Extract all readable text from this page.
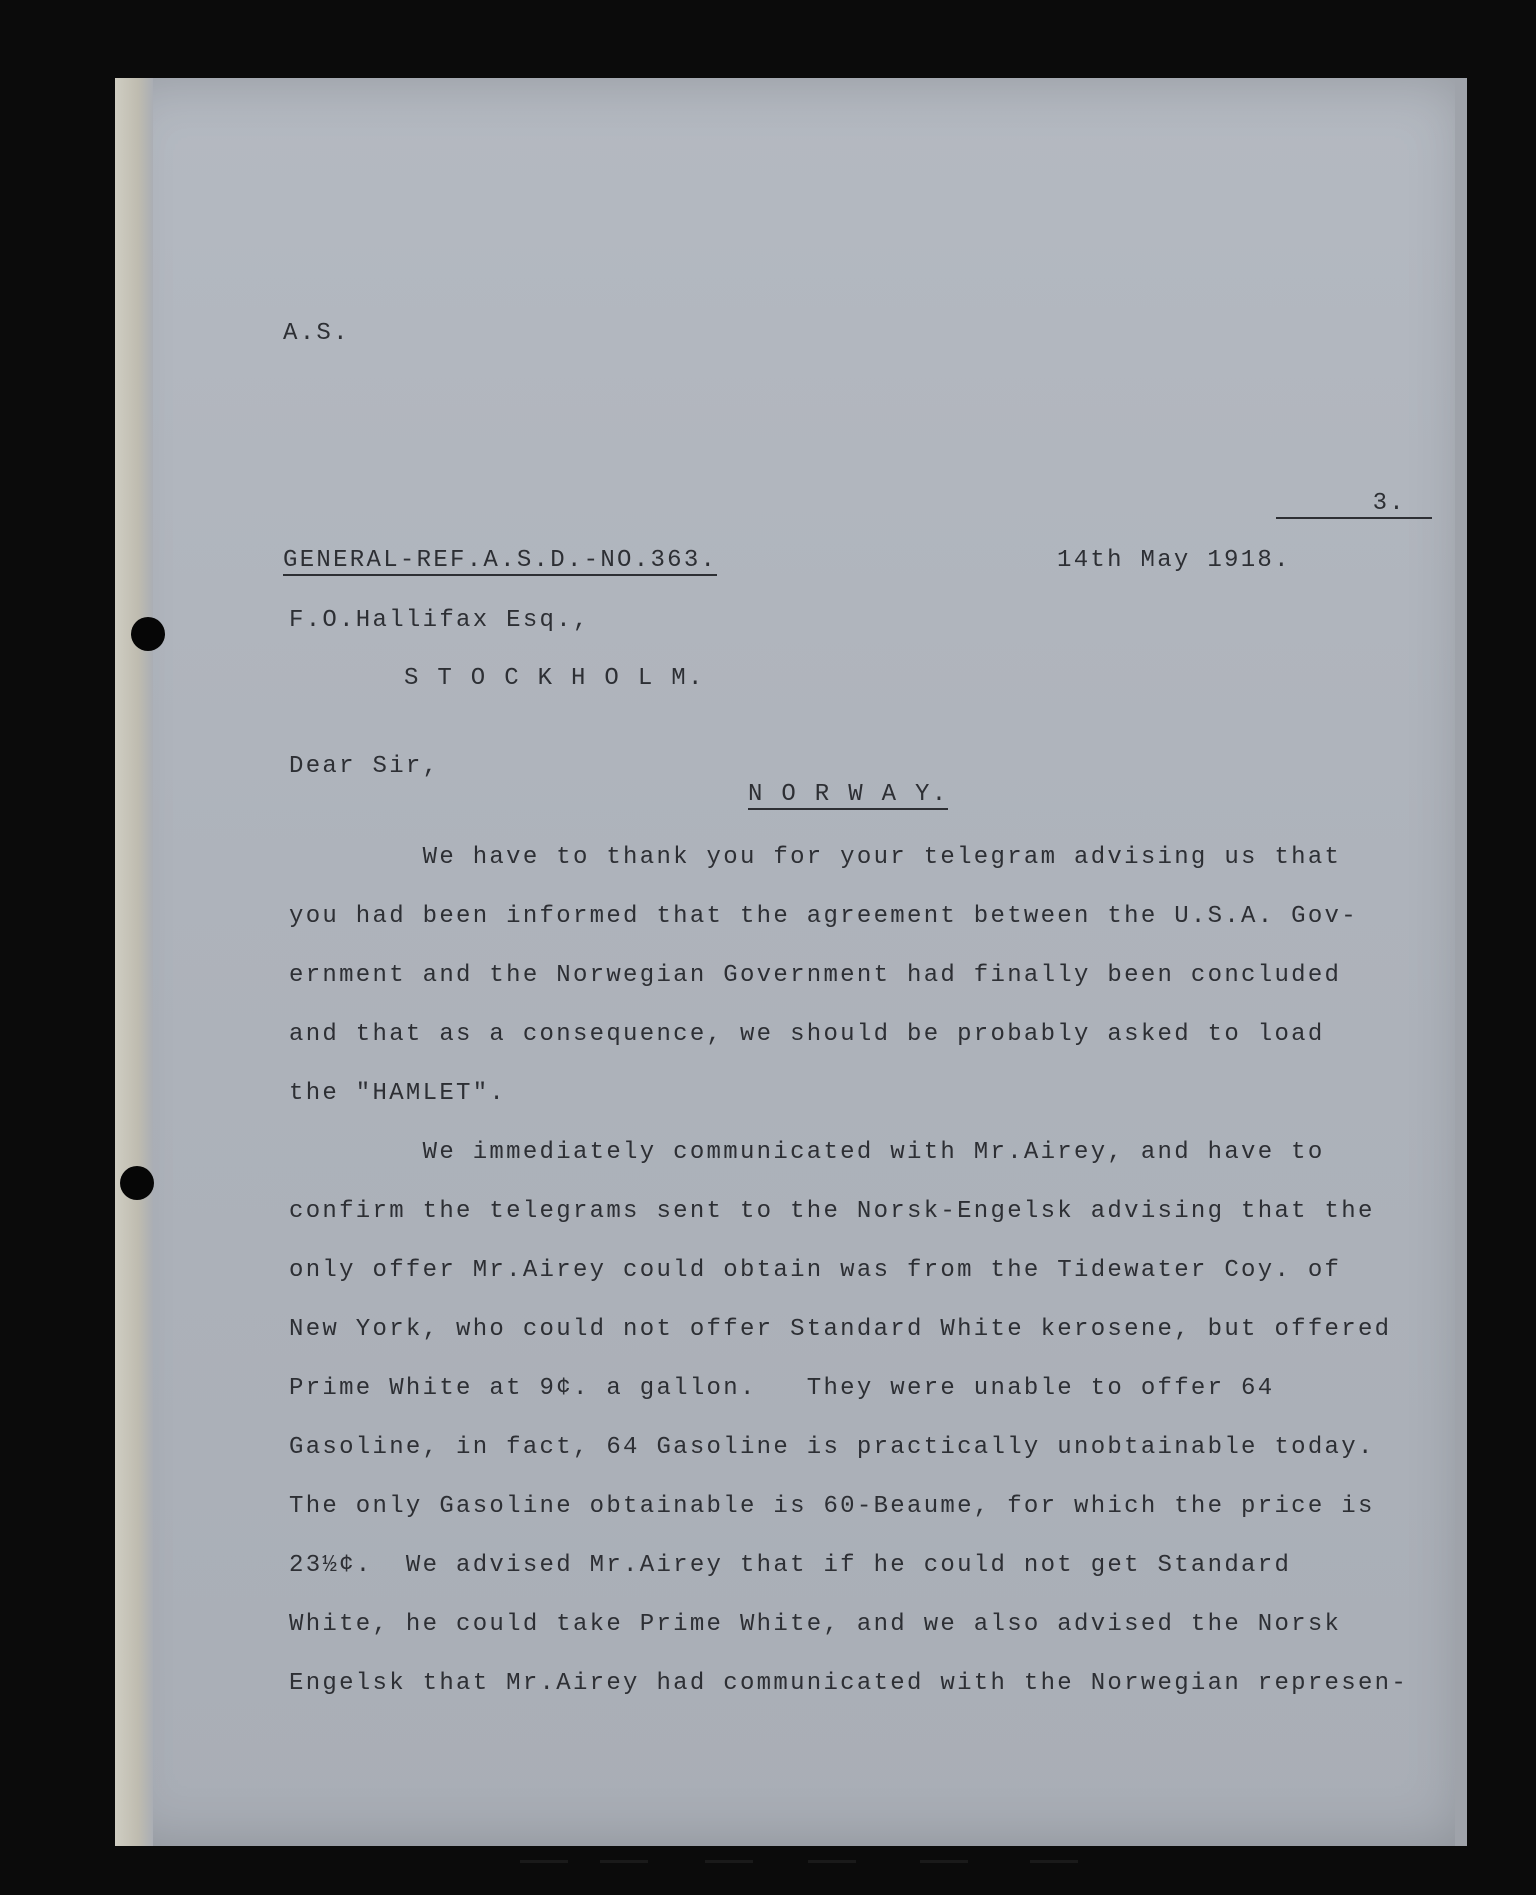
A.S.
3.
GENERAL-REF.A.S.D.-NO.363.	14th May 1918.
F.O.Hallifax Esq.,
S T O C K H O L M.
Dear Sir,
N O R W A Y.
We have to thank you for your telegram advising us that
you had been informed that the agreement between the U.S.A. Gov-
ernment and the Norwegian Government had finally been concluded
and that as a consequence, we should be probably asked to load
the "HAMLET".
We immediately communicated with Mr.Airey, and have to
confirm the telegrams sent to the Norsk-Engelsk advising that the
only offer Mr.Airey could obtain was from the Tidewater Coy. of
New York, who could not offer Standard White kerosene, but offered
Prime White at 9¢. a gallon.   They were unable to offer 64
Gasoline, in fact, 64 Gasoline is practically unobtainable today.
The only Gasoline obtainable is 60-Beaume, for which the price is
23½¢.  We advised Mr.Airey that if he could not get Standard
White, he could take Prime White, and we also advised the Norsk
Engelsk that Mr.Airey had communicated with the Norwegian represen-
